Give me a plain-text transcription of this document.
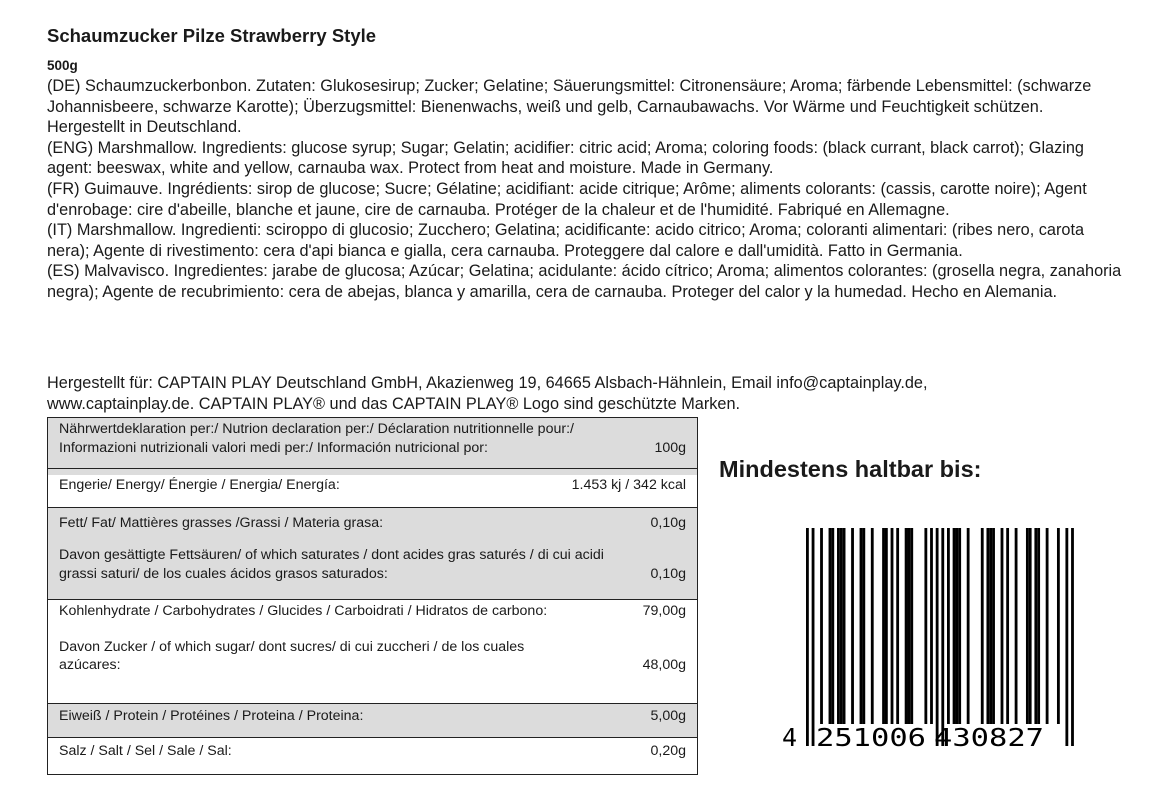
Schaumzucker Pilze Strawberry Style
500g

(DE) Schaumzuckerbonbon. Zutaten: Glukosesirup; Zucker; Gelatine; Säuerungsmittel: Citronensäure; Aroma; färbende Lebensmittel: (schwarze Johannisbeere, schwarze Karotte); Überzugsmittel: Bienenwachs, weiß und gelb, Carnaubawachs. Vor Wärme und Feuchtigkeit schützen. Hergestellt in Deutschland.

(ENG) Marshmallow. Ingredients: glucose syrup; Sugar; Gelatin; acidifier: citric acid; Aroma; coloring foods: (black currant, black carrot); Glazing agent: beeswax, white and yellow, carnauba wax. Protect from heat and moisture. Made in Germany.

(FR) Guimauve. Ingrédients: sirop de glucose; Sucre; Gélatine; acidifiant: acide citrique; Arôme; aliments colorants: (cassis, carotte noire); Agent d'enrobage: cire d'abeille, blanche et jaune, cire de carnauba. Protéger de la chaleur et de l'humidité. Fabriqué en Allemagne.

(IT) Marshmallow. Ingredienti: sciroppo di glucosio; Zucchero; Gelatina; acidificante: acido citrico; Aroma; coloranti alimentari: (ribes nero, carota nera); Agente di rivestimento: cera d'api bianca e gialla, cera carnauba. Proteggere dal calore e dall'umidità. Fatto in Germania.

(ES) Malvavisco. Ingredientes: jarabe de glucosa; Azúcar; Gelatina; acidulante: ácido cítrico; Aroma; alimentos colorantes: (grosella negra, zanahoria negra); Agente de recubrimiento: cera de abejas, blanca y amarilla, cera de carnauba. Proteger del calor y la humedad. Hecho en Alemania.

Hergestellt für: CAPTAIN PLAY Deutschland GmbH, Akazienweg 19, 64665 Alsbach-Hähnlein, Email info@captainplay.de,

www.captainplay.de. CAPTAIN PLAY® und das CAPTAIN PLAY® Logo sind geschützte Marken.

Nährwertdeklaration per:/ Nutrion declaration per:/ Déclaration nutritionnelle pour:/
Informazioni nutrizionali valori medi per:/ Información nutricional por:	100g
Engerie/ Energy/ Énergie / Energia/ Energía:	1.453 kj / 342 kcal
Fett/ Fat/ Mattières grasses /Grassi / Materia grasa:	0,10g
Davon gesättigte Fettsäuren/ of which saturates / dont acides gras saturés / di cui acidi
grassi saturi/ de los cuales ácidos grasos saturados:	0,10g
Kohlenhydrate / Carbohydrates / Glucides / Carboidrati / Hidratos de carbono:	79,00g
Davon Zucker / of which sugar/ dont sucres/ di cui zuccheri / de los cuales
azúcares:	48,00g
Eiweiß / Protein / Protéines / Proteina / Proteina:	5,00g
Salz / Salt / Sel / Sale / Sal:	0,20g
Mindestens haltbar bis:
4 251006 430827
